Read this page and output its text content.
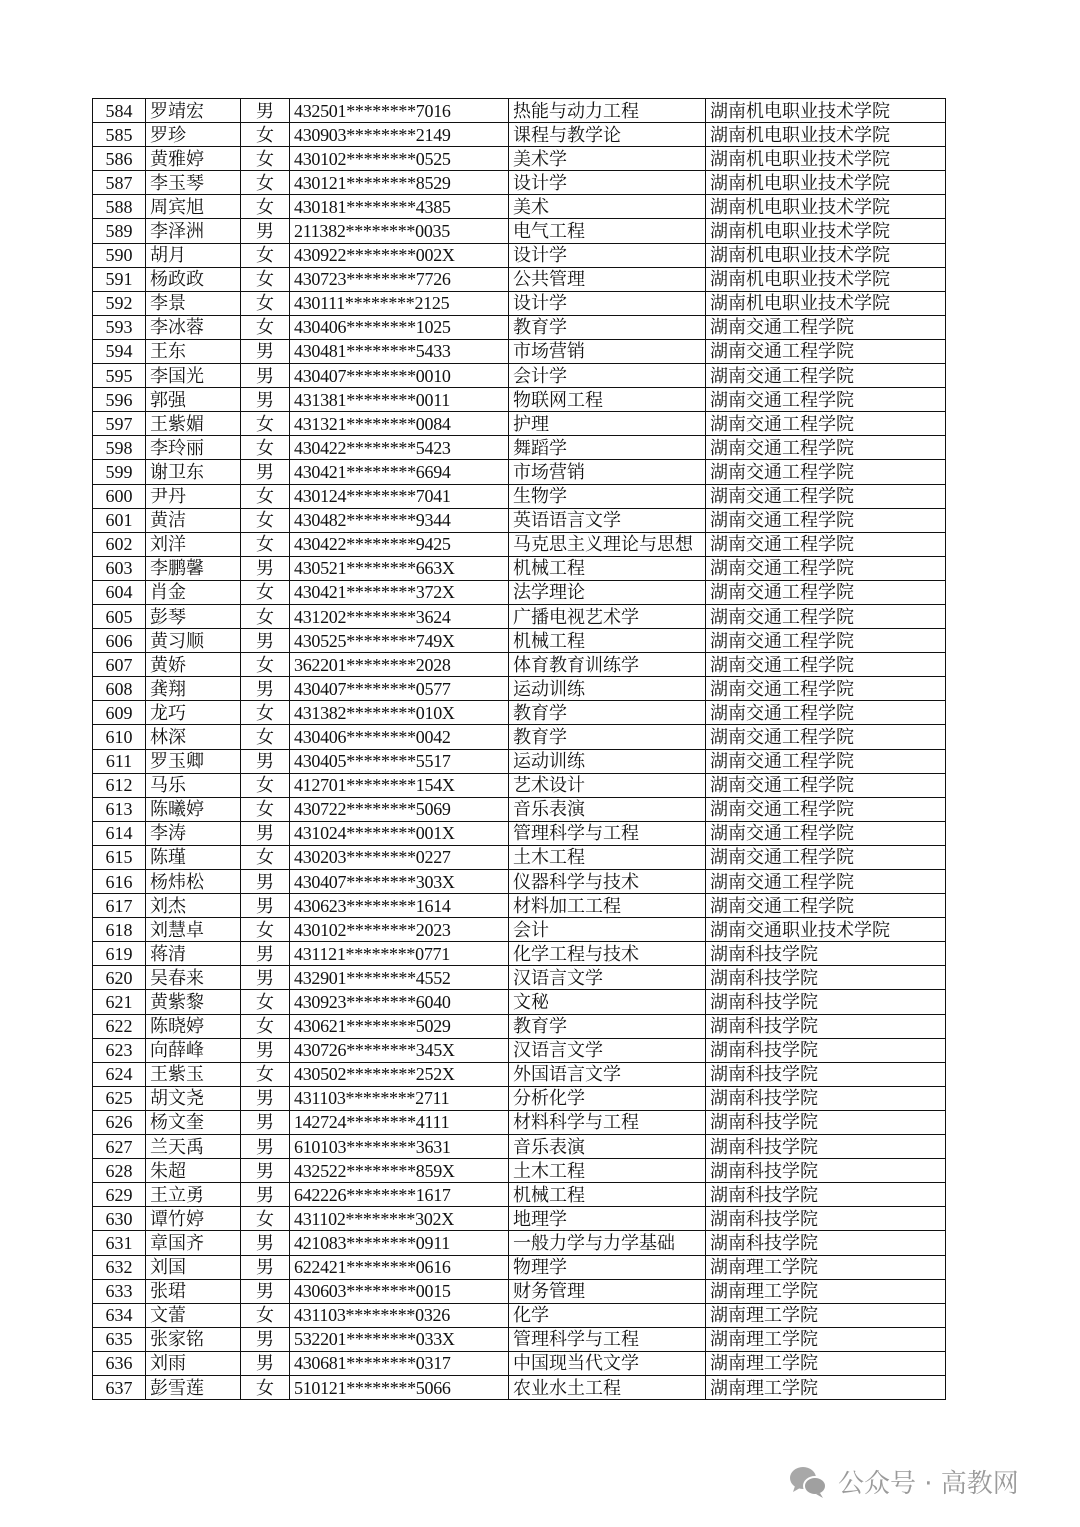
584	罗靖宏	男	432501********7016	热能与动力工程	湖南机电职业技术学院
585	罗珍	女	430903********2149	课程与教学论	湖南机电职业技术学院
586	黄雅婷	女	430102********0525	美术学	湖南机电职业技术学院
587	李玉琴	女	430121********8529	设计学	湖南机电职业技术学院
588	周宾旭	女	430181********4385	美术	湖南机电职业技术学院
589	李泽洲	男	211382********0035	电气工程	湖南机电职业技术学院
590	胡月	女	430922********002X	设计学	湖南机电职业技术学院
591	杨政政	女	430723********7726	公共管理	湖南机电职业技术学院
592	李景	女	430111********2125	设计学	湖南机电职业技术学院
593	李冰蓉	女	430406********1025	教育学	湖南交通工程学院
594	王东	男	430481********5433	市场营销	湖南交通工程学院
595	李国光	男	430407********0010	会计学	湖南交通工程学院
596	郭强	男	431381********0011	物联网工程	湖南交通工程学院
597	王紫媚	女	431321********0084	护理	湖南交通工程学院
598	李玲丽	女	430422********5423	舞蹈学	湖南交通工程学院
599	谢卫东	男	430421********6694	市场营销	湖南交通工程学院
600	尹丹	女	430124********7041	生物学	湖南交通工程学院
601	黄洁	女	430482********9344	英语语言文学	湖南交通工程学院
602	刘洋	女	430422********9425	马克思主义理论与思想	湖南交通工程学院
603	李鹏馨	男	430521********663X	机械工程	湖南交通工程学院
604	肖金	女	430421********372X	法学理论	湖南交通工程学院
605	彭琴	女	431202********3624	广播电视艺术学	湖南交通工程学院
606	黄习顺	男	430525********749X	机械工程	湖南交通工程学院
607	黄娇	女	362201********2028	体育教育训练学	湖南交通工程学院
608	龚翔	男	430407********0577	运动训练	湖南交通工程学院
609	龙巧	女	431382********010X	教育学	湖南交通工程学院
610	林深	女	430406********0042	教育学	湖南交通工程学院
611	罗玉卿	男	430405********5517	运动训练	湖南交通工程学院
612	马乐	女	412701********154X	艺术设计	湖南交通工程学院
613	陈曦婷	女	430722********5069	音乐表演	湖南交通工程学院
614	李涛	男	431024********001X	管理科学与工程	湖南交通工程学院
615	陈瑾	女	430203********0227	土木工程	湖南交通工程学院
616	杨炜松	男	430407********303X	仪器科学与技术	湖南交通工程学院
617	刘杰	男	430623********1614	材料加工工程	湖南交通工程学院
618	刘慧卓	女	430102********2023	会计	湖南交通职业技术学院
619	蒋清	男	431121********0771	化学工程与技术	湖南科技学院
620	吴春来	男	432901********4552	汉语言文学	湖南科技学院
621	黄紫黎	女	430923********6040	文秘	湖南科技学院
622	陈晓婷	女	430621********5029	教育学	湖南科技学院
623	向薛峰	男	430726********345X	汉语言文学	湖南科技学院
624	王紫玉	女	430502********252X	外国语言文学	湖南科技学院
625	胡文尧	男	431103********2711	分析化学	湖南科技学院
626	杨文奎	男	142724********4111	材料科学与工程	湖南科技学院
627	兰天禹	男	610103********3631	音乐表演	湖南科技学院
628	朱超	男	432522********859X	土木工程	湖南科技学院
629	王立勇	男	642226********1617	机械工程	湖南科技学院
630	谭竹婷	女	431102********302X	地理学	湖南科技学院
631	章国齐	男	421083********0911	一般力学与力学基础	湖南科技学院
632	刘国	男	622421********0616	物理学	湖南理工学院
633	张珺	男	430603********0015	财务管理	湖南理工学院
634	文蕾	女	431103********0326	化学	湖南理工学院
635	张家铭	男	532201********033X	管理科学与工程	湖南理工学院
636	刘雨	男	430681********0317	中国现当代文学	湖南理工学院
637	彭雪莲	女	510121********5066	农业水土工程	湖南理工学院
公众号 · 高教网
